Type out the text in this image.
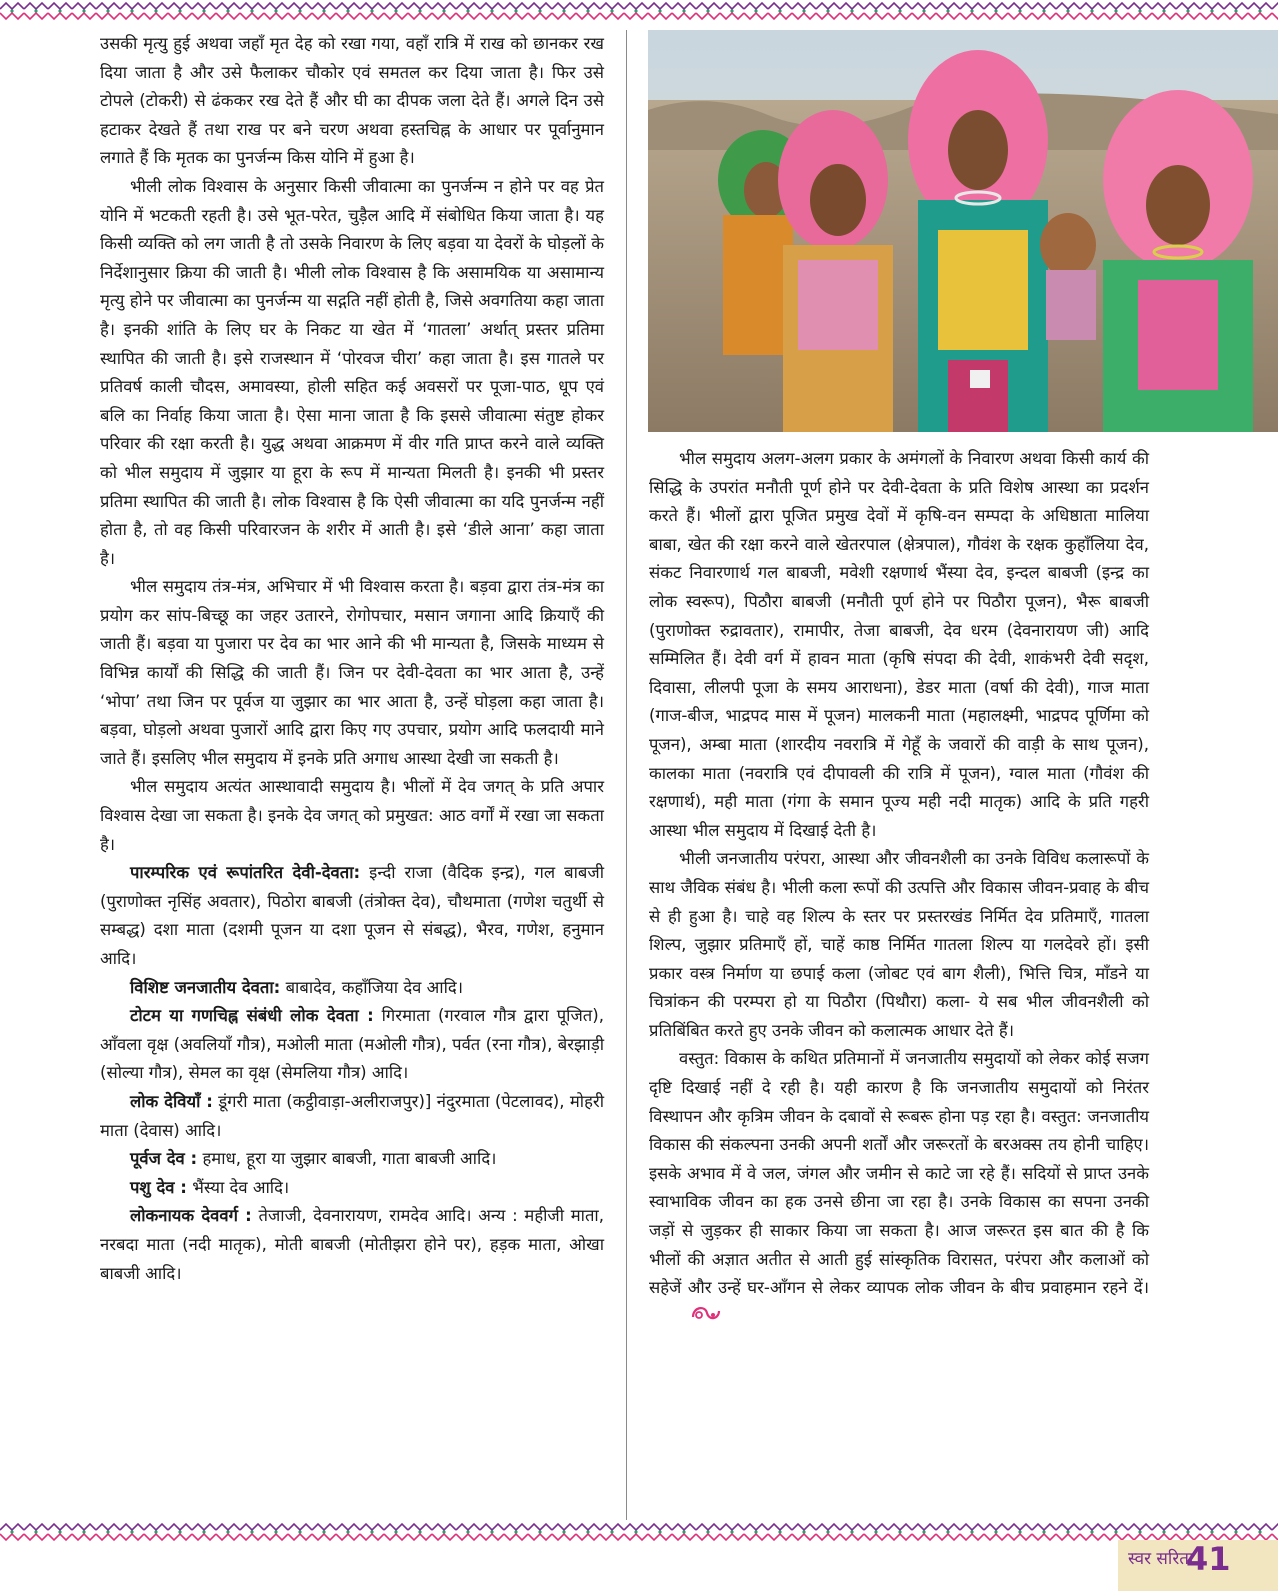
उसकी मृत्यु हुई अथवा जहाँ मृत देह को रखा गया, वहाँ रात्रि में राख को छानकर रख दिया जाता है और उसे फैलाकर चौकोर एवं समतल कर दिया जाता है। फिर उसे टोपले (टोकरी) से ढंककर रख देते हैं और घी का दीपक जला देते हैं। अगले दिन उसे हटाकर देखते हैं तथा राख पर बने चरण अथवा हस्तचिह्न के आधार पर पूर्वानुमान लगाते हैं कि मृतक का पुनर्जन्म किस योनि में हुआ है।

भीली लोक विश्वास के अनुसार किसी जीवात्मा का पुनर्जन्म न होने पर वह प्रेत योनि में भटकती रहती है। उसे भूत-परेत, चुड़ैल आदि में संबोधित किया जाता है। यह किसी व्यक्ति को लग जाती है तो उसके निवारण के लिए बड़वा या देवरों के घोड़लों के निर्देशानुसार क्रिया की जाती है। भीली लोक विश्वास है कि असामयिक या असामान्य मृत्यु होने पर जीवात्मा का पुनर्जन्म या सद्गति नहीं होती है, जिसे अवगतिया कहा जाता है। इनकी शांति के लिए घर के निकट या खेत में ‘गातला’ अर्थात् प्रस्तर प्रतिमा स्थापित की जाती है। इसे राजस्थान में ‘पोरवज चीरा’ कहा जाता है। इस गातले पर प्रतिवर्ष काली चौदस, अमावस्या, होली सहित कई अवसरों पर पूजा-पाठ, धूप एवं बलि का निर्वाह किया जाता है। ऐसा माना जाता है कि इससे जीवात्मा संतुष्ट होकर परिवार की रक्षा करती है। युद्ध अथवा आक्रमण में वीर गति प्राप्त करने वाले व्यक्ति को भील समुदाय में जुझार या हूरा के रूप में मान्यता मिलती है। इनकी भी प्रस्तर प्रतिमा स्थापित की जाती है। लोक विश्वास है कि ऐसी जीवात्मा का यदि पुनर्जन्म नहीं होता है, तो वह किसी परिवारजन के शरीर में आती है। इसे ‘डीले आना’ कहा जाता है।

भील समुदाय तंत्र-मंत्र, अभिचार में भी विश्वास करता है। बड़वा द्वारा तंत्र-मंत्र का प्रयोग कर सांप-बिच्छू का जहर उतारने, रोगोपचार, मसान जगाना आदि क्रियाएँ की जाती हैं। बड़वा या पुजारा पर देव का भार आने की भी मान्यता है, जिसके माध्यम से विभिन्न कार्यों की सिद्धि की जाती हैं। जिन पर देवी-देवता का भार आता है, उन्हें ‘भोपा’ तथा जिन पर पूर्वज या जुझार का भार आता है, उन्हें घोड़ला कहा जाता है। बड़वा, घोड़लो अथवा पुजारों आदि द्वारा किए गए उपचार, प्रयोग आदि फलदायी माने जाते हैं। इसलिए भील समुदाय में इनके प्रति अगाध आस्था देखी जा सकती है।

भील समुदाय अत्यंत आस्थावादी समुदाय है। भीलों में देव जगत् के प्रति अपार विश्वास देखा जा सकता है। इनके देव जगत् को प्रमुखत: आठ वर्गों में रखा जा सकता है।

पारम्परिक एवं रूपांतरित देवी-देवता: इन्दी राजा (वैदिक इन्द्र), गल बाबजी (पुराणोक्त नृसिंह अवतार), पिठोरा बाबजी (तंत्रोक्त देव), चौथमाता (गणेश चतुर्थी से सम्बद्ध) दशा माता (दशमी पूजन या दशा पूजन से संबद्ध), भैरव, गणेश, हनुमान आदि।

विशिष्ट जनजातीय देवता: बाबादेव, कहाँजिया देव आदि।

टोटम या गणचिह्न संबंधी लोक देवता : गिरमाता (गरवाल गौत्र द्वारा पूजित), आँवला वृक्ष (अवलियाँ गौत्र), मओली माता (मओली गौत्र), पर्वत (रना गौत्र), बेरझाड़ी (सोल्या गौत्र), सेमल का वृक्ष (सेमलिया गौत्र) आदि।

लोक देवियाँ : डूंगरी माता (कट्ठीवाड़ा-अलीराजपुर)] नंदुरमाता (पेटलावद), मोहरी माता (देवास) आदि।

पूर्वज देव : हमाध, हूरा या जुझार बाबजी, गाता बाबजी आदि।

पशु देव : भैंस्या देव आदि।

लोकनायक देववर्ग : तेजाजी, देवनारायण, रामदेव आदि। अन्य : महीजी माता, नरबदा माता (नदी मातृक), मोती बाबजी (मोतीझरा होने पर), हड़क माता, ओखा बाबजी आदि।

भील समुदाय अलग-अलग प्रकार के अमंगलों के निवारण अथवा किसी कार्य की सिद्धि के उपरांत मनौती पूर्ण होने पर देवी-देवता के प्रति विशेष आस्था का प्रदर्शन करते हैं। भीलों द्वारा पूजित प्रमुख देवों में कृषि-वन सम्पदा के अधिष्ठाता मालिया बाबा, खेत की रक्षा करने वाले खेतरपाल (क्षेत्रपाल), गौवंश के रक्षक कुहाँलिया देव, संकट निवारणार्थ गल बाबजी, मवेशी रक्षणार्थ भैंस्या देव, इन्दल बाबजी (इन्द्र का लोक स्वरूप), पिठौरा बाबजी (मनौती पूर्ण होने पर पिठौरा पूजन), भैरू बाबजी (पुराणोक्त रुद्रावतार), रामापीर, तेजा बाबजी, देव धरम (देवनारायण जी) आदि सम्मिलित हैं। देवी वर्ग में हावन माता (कृषि संपदा की देवी, शाकंभरी देवी सदृश, दिवासा, लीलपी पूजा के समय आराधना), डेडर माता (वर्षा की देवी), गाज माता (गाज-बीज, भाद्रपद मास में पूजन) मालकनी माता (महालक्ष्मी, भाद्रपद पूर्णिमा को पूजन), अम्बा माता (शारदीय नवरात्रि में गेहूँ के जवारों की वाड़ी के साथ पूजन), कालका माता (नवरात्रि एवं दीपावली की रात्रि में पूजन), ग्वाल माता (गौवंश की रक्षणार्थ), मही माता (गंगा के समान पूज्य मही नदी मातृक) आदि के प्रति गहरी आस्था भील समुदाय में दिखाई देती है।

भीली जनजातीय परंपरा, आस्था और जीवनशैली का उनके विविध कलारूपों के साथ जैविक संबंध है। भीली कला रूपों की उत्पत्ति और विकास जीवन-प्रवाह के बीच से ही हुआ है। चाहे वह शिल्प के स्तर पर प्रस्तरखंड निर्मित देव प्रतिमाएँ, गातला शिल्प, जुझार प्रतिमाएँ हों, चाहें काष्ठ निर्मित गातला शिल्प या गलदेवरे हों। इसी प्रकार वस्त्र निर्माण या छपाई कला (जोबट एवं बाग शैली), भित्ति चित्र, माँडने या चित्रांकन की परम्परा हो या पिठौरा (पिथौरा) कला- ये सब भील जीवनशैली को प्रतिबिंबित करते हुए उनके जीवन को कलात्मक आधार देते हैं।

वस्तुत: विकास के कथित प्रतिमानों में जनजातीय समुदायों को लेकर कोई सजग दृष्टि दिखाई नहीं दे रही है। यही कारण है कि जनजातीय समुदायों को निरंतर विस्थापन और कृत्रिम जीवन के दबावों से रूबरू होना पड़ रहा है। वस्तुत: जनजातीय विकास की संकल्पना उनकी अपनी शर्तों और जरूरतों के बरअक्स तय होनी चाहिए। इसके अभाव में वे जल, जंगल और जमीन से काटे जा रहे हैं। सदियों से प्राप्त उनके स्वाभाविक जीवन का हक उनसे छीना जा रहा है। उनके विकास का सपना उनकी जड़ों से जुड़कर ही साकार किया जा सकता है। आज जरूरत इस बात की है कि भीलों की अज्ञात अतीत से आती हुई सांस्कृतिक विरासत, परंपरा और कलाओं को सहेजें और उन्हें घर-आँगन से लेकर व्यापक लोक जीवन के बीच प्रवाहमान रहने दें।

स्वर सरिता
41
